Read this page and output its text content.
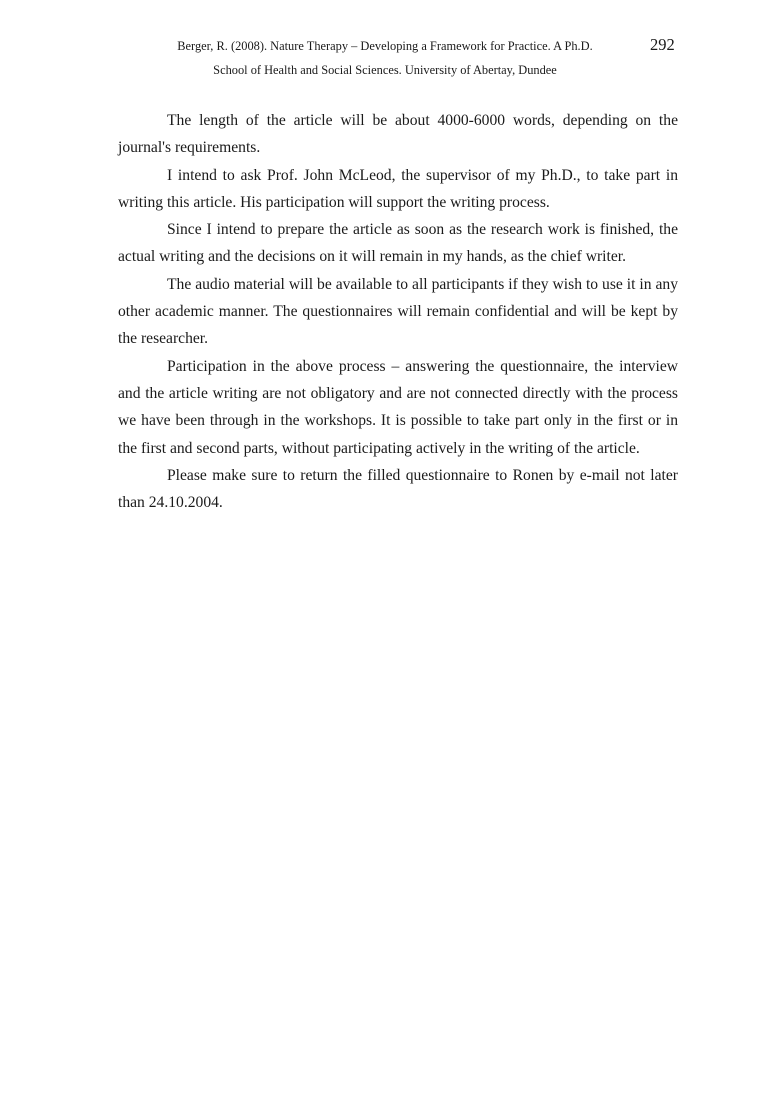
Berger, R. (2008). Nature Therapy – Developing a Framework for Practice. A Ph.D.
School of Health and Social Sciences. University of Abertay, Dundee
292

The length of the article will be about 4000-6000 words, depending on the journal's requirements.

I intend to ask Prof. John McLeod, the supervisor of my Ph.D., to take part in writing this article. His participation will support the writing process.

Since I intend to prepare the article as soon as the research work is finished, the actual writing and the decisions on it will remain in my hands, as the chief writer.

The audio material will be available to all participants if they wish to use it in any other academic manner. The questionnaires will remain confidential and will be kept by the researcher.

Participation in the above process – answering the questionnaire, the interview and the article writing are not obligatory and are not connected directly with the process we have been through in the workshops. It is possible to take part only in the first or in the first and second parts, without participating actively in the writing of the article.

Please make sure to return the filled questionnaire to Ronen by e-mail not later than 24.10.2004.
